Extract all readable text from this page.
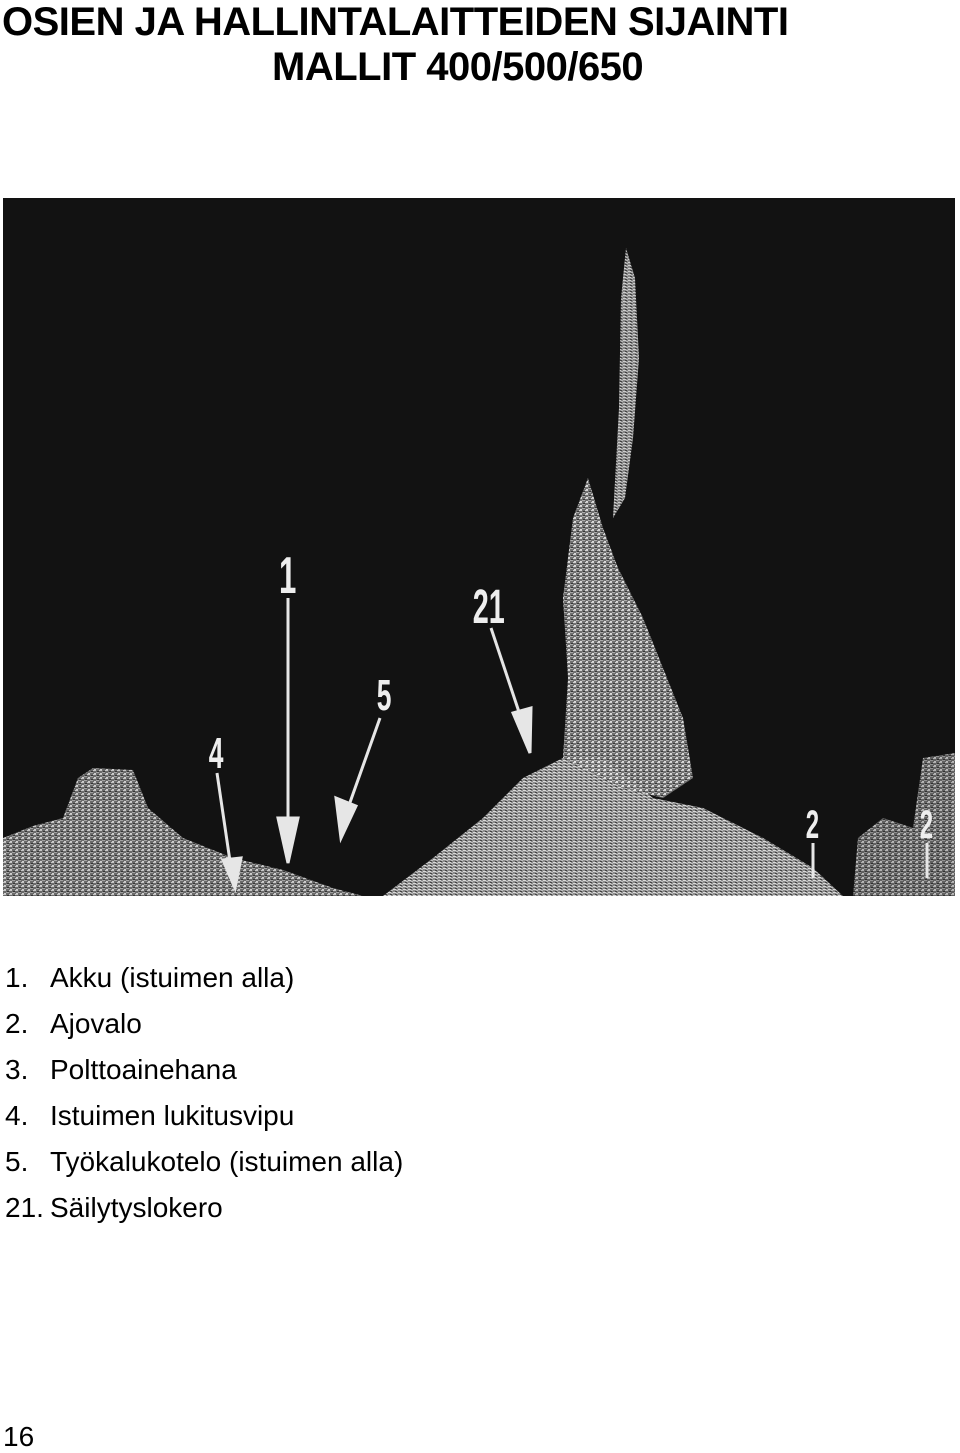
OSIEN JA HALLINTALAITTEIDEN SIJAINTI
MALLIT 400/500/650
1
5
4
21
2	2
1. Akku (istuimen alla)
2. Ajovalo
3. Polttoainehana
4. Istuimen lukitusvipu
5. Työkalukotelo (istuimen alla)
21. Säilytyslokero
16
